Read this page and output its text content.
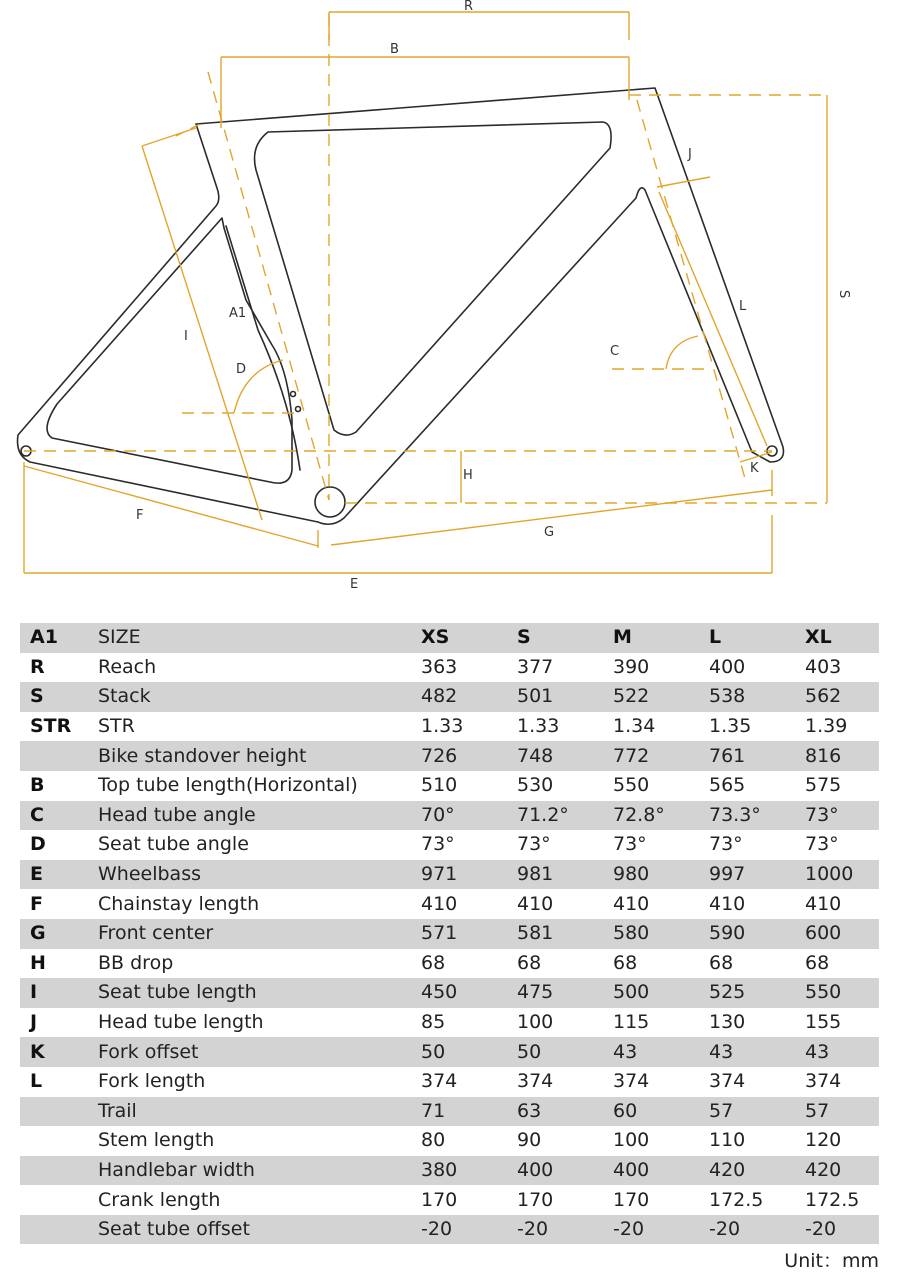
R
B
J
S
L
C
A1
I
D
H	K
F
G
E
A1	SIZE	XS	S	M	L	XL
R	Reach	363	377	390	400	403
S	Stack	482	501	522	538	562
STR	STR	1.33	1.33	1.34	1.35	1.39
	Bike standover height	726	748	772	761	816
B	Top tube length(Horizontal)	510	530	550	565	575
C	Head tube angle	70°	71.2°	72.8°	73.3°	73°
D	Seat tube angle	73°	73°	73°	73°	73°
E	Wheelbass	971	981	980	997	1000
F	Chainstay length	410	410	410	410	410
G	Front center	571	581	580	590	600
H	BB drop	68	68	68	68	68
I	Seat tube length	450	475	500	525	550
J	Head tube length	85	100	115	130	155
K	Fork offset	50	50	43	43	43
L	Fork length	374	374	374	374	374
	Trail	71	63	60	57	57
	Stem length	80	90	100	110	120
	Handlebar width	380	400	400	420	420
	Crank length	170	170	170	172.5	172.5
	Seat tube offset	-20	-20	-20	-20	-20
Unit：mm
